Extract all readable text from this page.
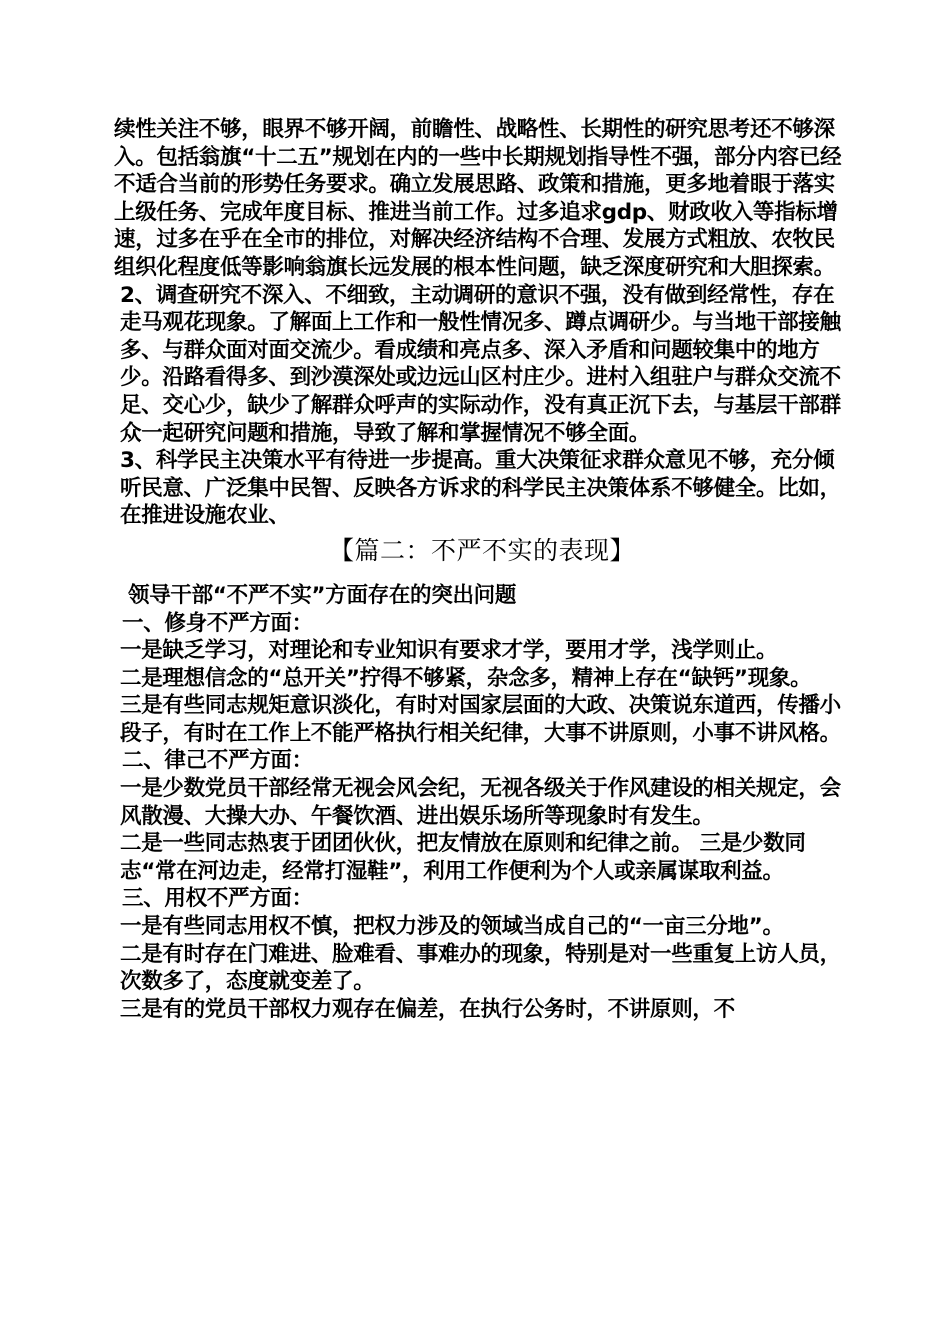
续性关注不够，眼界不够开阔，前瞻性、战略性、长期性的研究思考还不够深入。包括翁旗“十二五”规划在内的一些中长期规划指导性不强，部分内容已经不适合当前的形势任务要求。确立发展思路、政策和措施，更多地着眼于落实上级任务、完成年度目标、推进当前工作。过多追求gdp、财政收入等指标增速，过多在乎在全市的排位，对解决经济结构不合理、发展方式粗放、农牧民组织化程度低等影响翁旗长远发展的根本性问题，缺乏深度研究和大胆探索。

2、调查研究不深入、不细致，主动调研的意识不强，没有做到经常性，存在走马观花现象。了解面上工作和一般性情况多、蹲点调研少。与当地干部接触多、与群众面对面交流少。看成绩和亮点多、深入矛盾和问题较集中的地方少。沿路看得多、到沙漠深处或边远山区村庄少。进村入组驻户与群众交流不足、交心少，缺少了解群众呼声的实际动作，没有真正沉下去，与基层干部群众一起研究问题和措施，导致了解和掌握情况不够全面。

3、科学民主决策水平有待进一步提高。重大决策征求群众意见不够，充分倾听民意、广泛集中民智、反映各方诉求的科学民主决策体系不够健全。比如，在推进设施农业、

【篇二：不严不实的表现】

领导干部“不严不实”方面存在的突出问题

一、修身不严方面：

一是缺乏学习，对理论和专业知识有要求才学，要用才学，浅学则止。

二是理想信念的“总开关”拧得不够紧，杂念多，精神上存在“缺钙”现象。

三是有些同志规矩意识淡化，有时对国家层面的大政、决策说东道西，传播小段子，有时在工作上不能严格执行相关纪律，大事不讲原则，小事不讲风格。

二、律己不严方面：

一是少数党员干部经常无视会风会纪，无视各级关于作风建设的相关规定，会风散漫、大操大办、午餐饮酒、进出娱乐场所等现象时有发生。

二是一些同志热衷于团团伙伙，把友情放在原则和纪律之前。 三是少数同志“常在河边走，经常打湿鞋”，利用工作便利为个人或亲属谋取利益。

三、用权不严方面：

一是有些同志用权不慎，把权力涉及的领域当成自己的“一亩三分地”。

二是有时存在门难进、脸难看、事难办的现象，特别是对一些重复上访人员，次数多了，态度就变差了。

三是有的党员干部权力观存在偏差，在执行公务时，不讲原则，不
